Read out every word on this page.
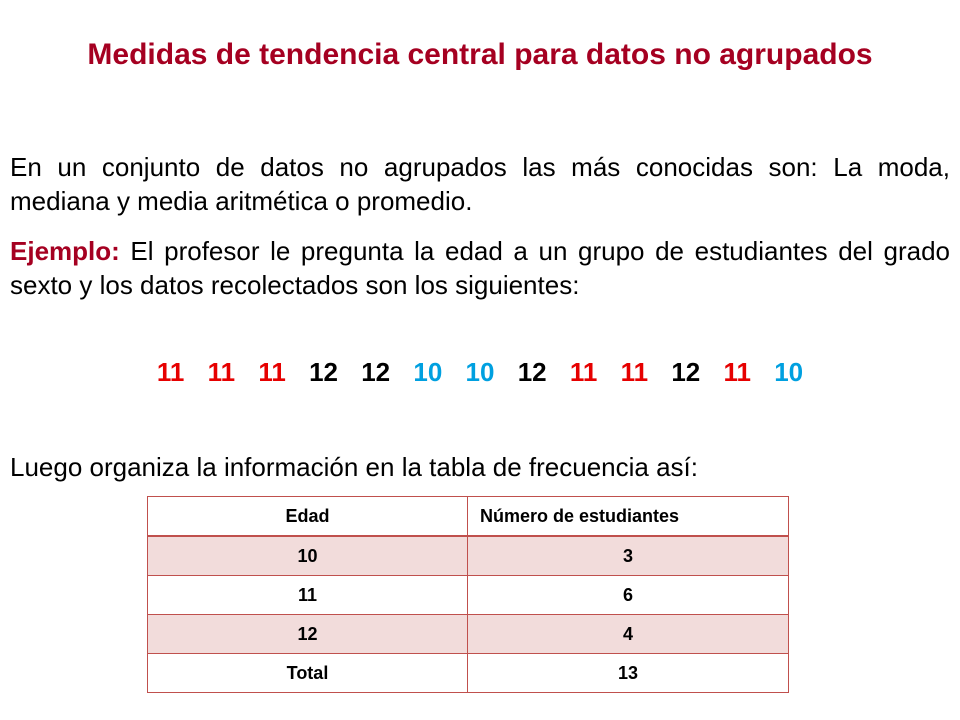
Medidas de tendencia central para datos no agrupados

En un conjunto de datos no agrupados las más conocidas son: La moda, mediana y media aritmética o promedio.

Ejemplo: El profesor le pregunta la edad a un grupo de estudiantes del grado sexto y los datos recolectados son los siguientes:

11 11 11 12 12 10 10 12 11 11 12 11 10

Luego organiza la información en la tabla de frecuencia así:

Edad	Número de estudiantes
10	3
11	6
12	4
Total	13
